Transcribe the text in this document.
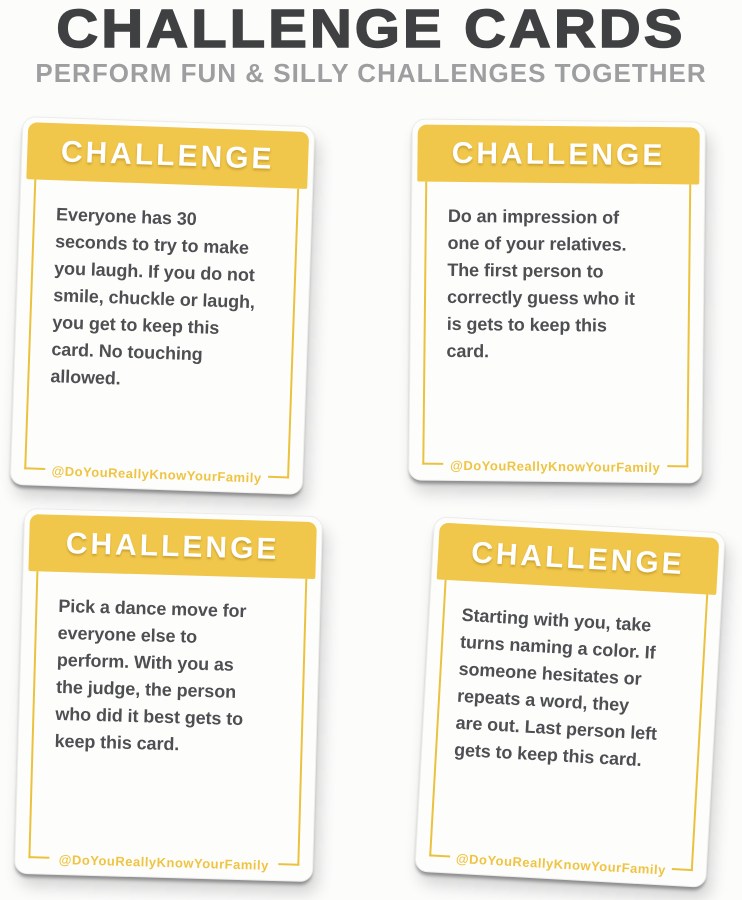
CHALLENGE CARDS
PERFORM FUN & SILLY CHALLENGES TOGETHER
CHALLENGE
Everyone has 30
seconds to try to make
you laugh. If you do not
smile, chuckle or laugh,
you get to keep this
card. No touching
allowed.
@DoYouReallyKnowYourFamily
CHALLENGE
Do an impression of
one of your relatives.
The first person to
correctly guess who it
is gets to keep this
card.
@DoYouReallyKnowYourFamily
CHALLENGE
Pick a dance move for
everyone else to
perform. With you as
the judge, the person
who did it best gets to
keep this card.
@DoYouReallyKnowYourFamily
CHALLENGE
Starting with you, take
turns naming a color. If
someone hesitates or
repeats a word, they
are out. Last person left
gets to keep this card.
@DoYouReallyKnowYourFamily
